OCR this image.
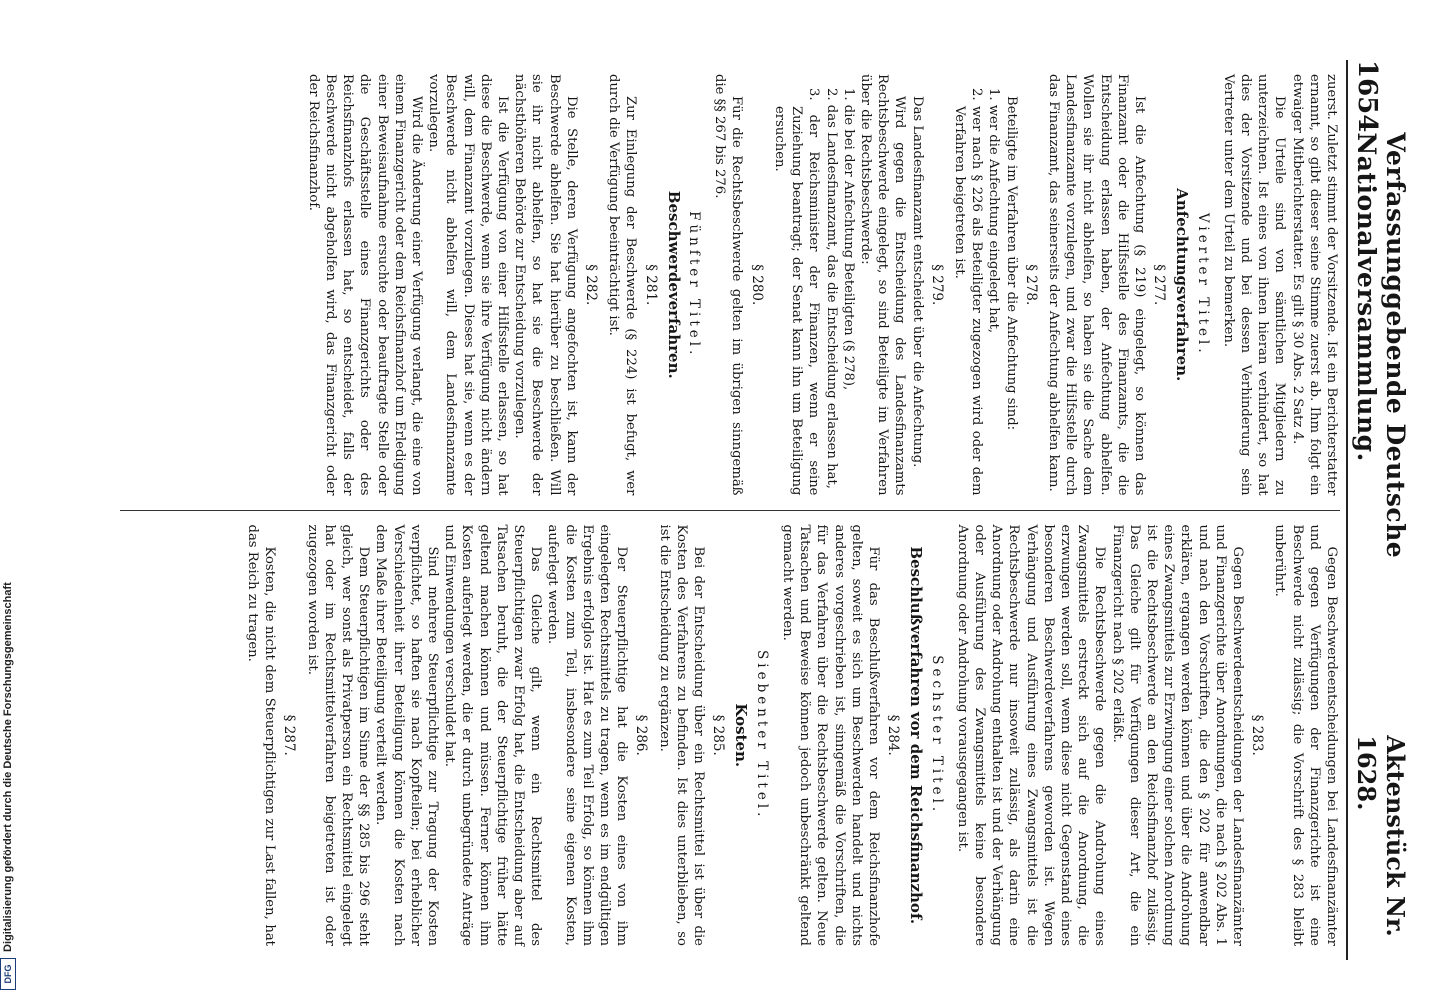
DFG
Digitalisierung gefördert durch die Deutsche Forschungsgemeinschaft
1654
Verfassunggebende Deutsche Nationalversammlung.
Aktenstück Nr. 1628.

zuerst. Zuletzt stimmt der Vorsitzende. Ist ein Berichterstatter ernannt, so gibt dieser seine Stimme zuerst ab. Ihm folgt ein etwaiger Mitberichterstatter. Es gilt § 30 Abs. 2 Satz 4.

Die Urteile sind von sämtlichen Mitgliedern zu unterzeichnen. Ist eines von ihnen hieran verhindert, so hat dies der Vorsitzende und bei dessen Verhinderung sein Vertreter unter dem Urteil zu bemerken.

Vierter Titel.
Anfechtungsverfahren.
§ 277.

Ist die Anfechtung (§ 219) eingelegt, so können das Finanzamt oder die Hilfsstelle des Finanzamts, die die Entscheidung erlassen haben, der Anfechtung abhelfen. Wollen sie ihr nicht abhelfen, so haben sie die Sache dem Landesfinanzamte vorzulegen, und zwar die Hilfsstelle durch das Finanzamt, das seinerseits der Anfechtung abhelfen kann.

§ 278.

Beteiligte im Verfahren über die Anfechtung sind:

1. wer die Anfechtung eingelegt hat,

2. wer nach § 226 als Beteiligter zugezogen wird oder dem Verfahren beigetreten ist.

§ 279.

Das Landesfinanzamt entscheidet über die Anfechtung.

Wird gegen die Entscheidung des Landesfinanzamts Rechtsbeschwerde eingelegt, so sind Beteiligte im Verfahren über die Rechtsbeschwerde:

1. die bei der Anfechtung Beteiligten (§ 278),

2. das Landesfinanzamt, das die Entscheidung erlassen hat,

3. der Reichsminister der Finanzen, wenn er seine Zuziehung beantragt; der Senat kann ihn um Beteiligung ersuchen.

§ 280.

Für die Rechtsbeschwerde gelten im übrigen sinngemäß die §§ 267 bis 276.

Fünfter Titel.
Beschwerdeverfahren.
§ 281.

Zur Einlegung der Beschwerde (§ 224) ist befugt, wer durch die Verfügung beeinträchtigt ist.

§ 282.

Die Stelle, deren Verfügung angefochten ist, kann der Beschwerde abhelfen. Sie hat hierüber zu beschließen. Will sie ihr nicht abhelfen, so hat sie die Beschwerde der nächsthöheren Behörde zur Entscheidung vorzulegen.

Ist die Verfügung von einer Hilfsstelle erlassen, so hat diese die Beschwerde, wenn sie ihre Verfügung nicht ändern will, dem Finanzamt vorzulegen. Dieses hat sie, wenn es der Beschwerde nicht abhelfen will, dem Landesfinanzamte vorzulegen.

Wird die Änderung einer Verfügung verlangt, die eine von einem Finanzgericht oder dem Reichsfinanzhof um Erledigung einer Beweisaufnahme ersuchte oder beauftragte Stelle oder die Geschäftsstelle eines Finanzgerichts oder des Reichsfinanzhofs erlassen hat, so entscheidet, falls der Beschwerde nicht abgeholfen wird, das Finanzgericht oder der Reichsfinanzhof.

Gegen Beschwerdeentscheidungen bei Landesfinanzämter und gegen Verfügungen der Finanzgerichte ist eine Beschwerde nicht zulässig; die Vorschrift des § 283 bleibt unberührt.

§ 283.

Gegen Beschwerdeentscheidungen der Landesfinanzämter und Finanzgerichte über Anordnungen, die nach § 202 Abs. 1 und nach den Vorschriften, die den § 202 für anwendbar erklären, ergangen werden können und über die Androhung eines Zwangsmittels zur Erzwingung einer solchen Anordnung ist die Rechtsbeschwerde an den Reichsfinanzhof zulässig. Das Gleiche gilt für Verfügungen dieser Art, die ein Finanzgericht nach § 202 erläßt.

Die Rechtsbeschwerde gegen die Androhung eines Zwangsmittels erstreckt sich auf die Anordnung, die erzwungen werden soll, wenn diese nicht Gegenstand eines besonderen Beschwerdeverfahrens geworden ist. Wegen Verhängung und Ausführung eines Zwangsmittels ist die Rechtsbeschwerde nur insoweit zulässig, als darin eine Anordnung oder Androhung enthalten ist und der Verhängung oder Ausführung des Zwangsmittels keine besondere Anordnung oder Androhung vorausgegangen ist.

Sechster Titel.
Beschlußverfahren vor dem Reichsfinanzhof.
§ 284.

Für das Beschlußverfahren vor dem Reichsfinanzhofe gelten, soweit es sich um Beschwerden handelt und nichts anderes vorgeschrieben ist, sinngemäß die Vorschriften, die für das Verfahren über die Rechtsbeschwerde gelten. Neue Tatsachen und Beweise können jedoch unbeschränkt geltend gemacht werden.

Siebenter Titel.
Kosten.
§ 285.

Bei der Entscheidung über ein Rechtsmittel ist über die Kosten des Verfahrens zu befinden. Ist dies unterblieben, so ist die Entscheidung zu ergänzen.

§ 286.

Der Steuerpflichtige hat die Kosten eines von ihm eingelegten Rechtsmittels zu tragen, wenn es im endgültigen Ergebnis erfolglos ist. Hat es zum Teil Erfolg, so können ihm die Kosten zum Teil, insbesondere seine eigenen Kosten, auferlegt werden.

Das Gleiche gilt, wenn ein Rechtsmittel des Steuerpflichtigen zwar Erfolg hat, die Entscheidung aber auf Tatsachen beruht, die der Steuerpflichtige früher hätte geltend machen können und müssen. Ferner können ihm Kosten auferlegt werden, die er durch unbegründete Anträge und Einwendungen verschuldet hat.

Sind mehrere Steuerpflichtige zur Tragung der Kosten verpflichtet, so haften sie nach Kopfteilen; bei erheblicher Verschiedenheit ihrer Beteiligung können die Kosten nach dem Maße ihrer Beteiligung verteilt werden.

Dem Steuerpflichtigen im Sinne der §§ 285 bis 296 steht gleich, wer sonst als Privatperson ein Rechtsmittel eingelegt hat oder im Rechtsmittelverfahren beigetreten ist oder zugezogen worden ist.

§ 287.

Kosten, die nicht dem Steuerpflichtigen zur Last fallen, hat das Reich zu tragen.
